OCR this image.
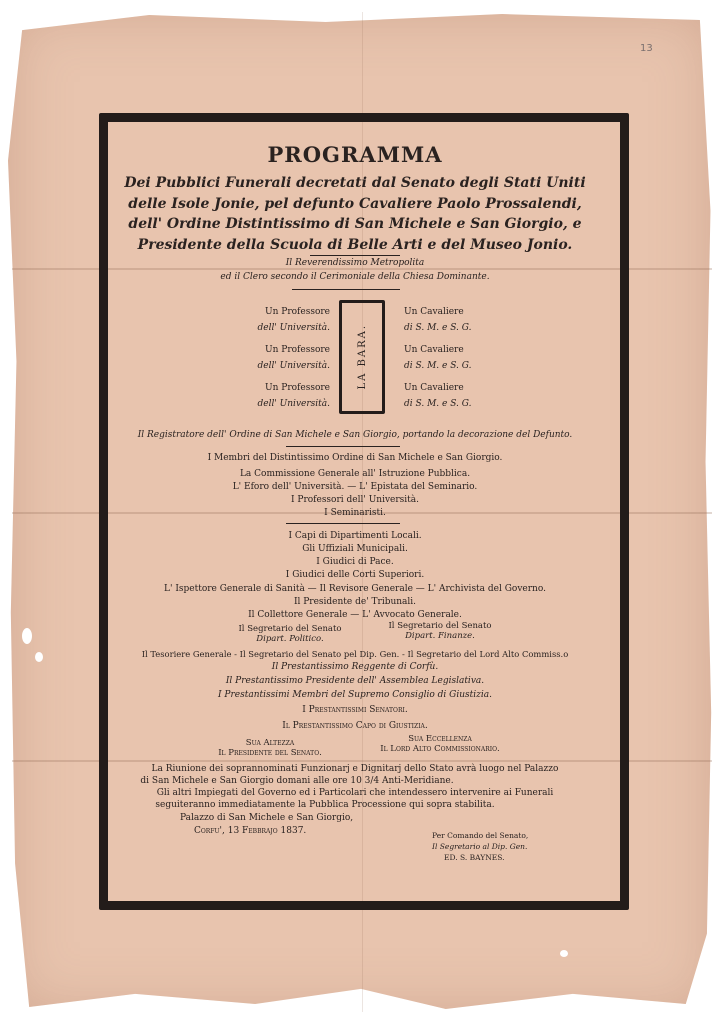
13
PROGRAMMA
Dei Pubblici Funerali decretati dal Senato degli Stati Uniti
delle Isole Jonie, pel defunto Cavaliere Paolo Prossalendi,
dell' Ordine Distintissimo di San Michele e San Giorgio, e
Presidente della Scuola di Belle Arti e del Museo Jonio.
Il Reverendissimo Metropolita
ed il Clero secondo il Cerimoniale della Chiesa Dominante.
Un Professore
dell' Università.
Un Professore
dell' Università.
Un Professore
dell' Università.
LA BARA.
Un Cavaliere
di S. M. e S. G.
Un Cavaliere
di S. M. e S. G.
Un Cavaliere
di S. M. e S. G.
Il Registratore dell' Ordine di San Michele e San Giorgio, portando la decorazione del Defunto.
I Membri del Distintissimo Ordine di San Michele e San Giorgio.
La Commissione Generale all' Istruzione Pubblica.
L' Eforo dell' Università. — L' Epistata del Seminario.
I Professori dell' Università.
I Seminaristi.
I Capi di Dipartimenti Locali.
Gli Uffiziali Municipali.
I Giudici di Pace.
I Giudici delle Corti Superiori.
L' Ispettore Generale di Sanità — Il Revisore Generale — L' Archivista del Governo.
Il Presidente de' Tribunali.
Il Collettore Generale — L' Avvocato Generale.
Il Segretario del Senato
Dipart. Politico.
Il Segretario del Senato
Dipart. Finanze.
Il Tesoriere Generale - Il Segretario del Senato pel Dip. Gen. - Il Segretario del Lord Alto Commiss.o
Il Prestantissimo Reggente di Corfù.
Il Prestantissimo Presidente dell' Assemblea Legislativa.
I Prestantissimi Membri del Supremo Consiglio di Giustizia.
I Prestantissimi Senatori.
Il Prestantissimo Capo di Giustizia.
Sua Altezza
Il Presidente del Senato.
Sua Eccellenza
Il Lord Alto Commissionario.
La Riunione dei soprannominati Funzionarj e Dignitarj dello Stato avrà luogo nel Palazzo
di San Michele e San Giorgio domani alle ore 10 3/4 Anti-Meridiane.
Gli altri Impiegati del Governo ed i Particolari che intendessero intervenire ai Funerali
seguiteranno immediatamente la Pubblica Processione qui sopra stabilita.
Palazzo di San Michele e San Giorgio,
Corfu', 13 Febbrajo 1837.	Per Comando del Senato,
Il Segretario al Dip. Gen.
ED. S. BAYNES.
